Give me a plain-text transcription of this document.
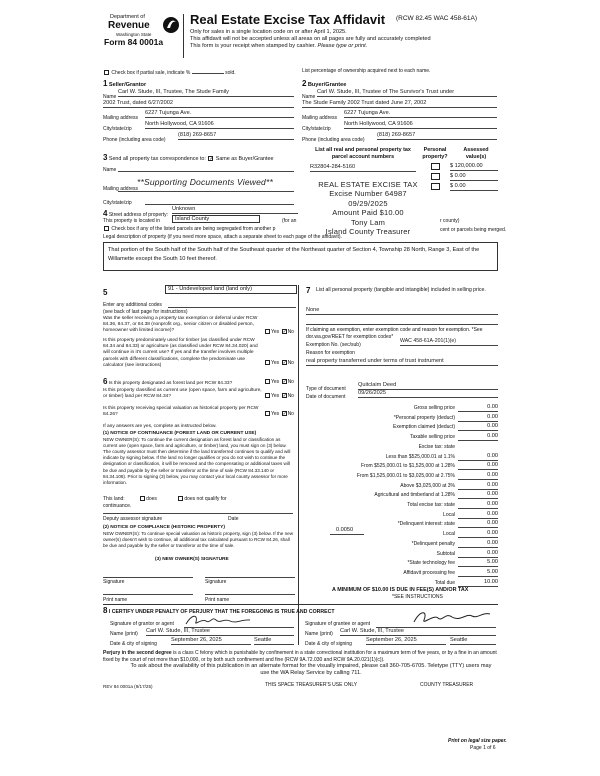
Department of
Revenue
Washington State
Form 84 0001a
Real Estate Excise Tax Affidavit (RCW 82.45 WAC 458-61A)
Only for sales in a single location code on or after April 1, 2025.
This affidavit will not be accepted unless all areas on all pages are fully and accurately completed
This form is your receipt when stamped by cashier. Please type or print.
Check box if partial sale, indicate %	sold.	List percentage of ownership acquired next to each name.
1 Seller/Grantor
Name
Carl W. Stude, III, Trustee, The Stude Family
2002 Trust, dated 6/27/2002
Mailing address
6227 Tujunga Ave.
City/state/zip
North Hollywood, CA 91606
Phone (including area code)
(818) 269-8657
2 Buyer/Grantee
Name
Carl W. Stude, III, Trustee of The Survivor's Trust under
The Stude Family 2002 Trust dated June 27, 2002
Mailing address
6227 Tujunga Ave.
City/state/zip
North Hollywood, CA 91606
Phone (including area code)
(818) 269-8657
3 Send all property tax correspondence to: ✓ Same as Buyer/Grantee
Name
**Supporting Documents Viewed**
Mailing address
City/state/zip
List all real and personal property tax parcel account numbers
Personal property?
Assessed value(s)
R32804-284-5160	$ 120,000.00
$ 0.00
$ 0.00
REAL ESTATE EXCISE TAX
Excise Number 64987
09/29/2025
Amount Paid $10.00
Tony Lam
Island County Treasurer
4 Street address of property:
Unknown
This property is located in	Island County	(for an	r county)
Check box if any of the listed parcels are being segregated from another p	cent or parcels being merged.
Legal description of property (if you need more space, attach a separate sheet to each page of the affidavit).
That portion of the South half of the South half of the Southeast quarter of the Northeast quarter of Section 4, Township 28 North, Range 3, East of the Willamette except the South 10 feet thereof.
5	91 - Undeveloped land (land only)
Enter any additional codes
(see back of last page for instructions)
Was the seller receiving a property tax exemption or deferral under RCW 84.36, 84.37, or 84.38 (nonprofit org., senior citizen or disabled person, homeowner with limited income)?	Yes ✓No
Is this property predominately used for timber (as classified under RCW 84.34 and 84.33) or agriculture (as classified under RCW 84.34.020) and will continue in it's current use? If yes and the transfer involves multiple parcels with different classifications, complete the predominate use calculator (see instructions)	Yes ✓No
6 Is this property designated as forest land per RCW 84.33?	Yes ✓No
Is this property classified as current use (open space, farm and agriculture, or timber) land per RCW 84.34?	Yes ✓No
Is this property receiving special valuation as historical property per RCW 84.26?	Yes ✓No
If any answers are yes, complete as instructed below.
(1) NOTICE OF CONTINUANCE (FOREST LAND OR CURRENT USE)
NEW OWNER(S): To continue the current designation as forest land or classification as current use (open space, farm and agriculture, or timber) land, you must sign on (3) below. The county assessor must then determine if the land transferred continues to qualify and will indicate by signing below. If the land no longer qualifies or you do not wish to continue the designation or classification, it will be removed and the compensating or additional taxes will be due and payable by the seller or transferor at the time of sale (RCW 84.33.140 or 84.34.108). Prior to signing (3) below, you may contact your local county assessor for more information.
This land:	does	does not qualify for
continuance.
Deputy assessor signature	Date
(2) NOTICE OF COMPLIANCE (HISTORIC PROPERTY)
NEW OWNER(S): To continue special valuation as historic property, sign (3) below. If the new owner(s) doesn't wish to continue, all additional tax calculated pursuant to RCW 84.26, shall be due and payable by the seller or transferor at the time of sale.
(3) NEW OWNER(S) SIGNATURE
Signature	Signature
Print name	Print name
7 List all personal property (tangible and intangible) included in selling price.
None
If claiming an exemption, enter exemption code and reason for exemption. *See dor.wa.gov/REET for exemption codes*
Exemption No. (sec/sub)
WAC 458-61A-201(1)(e)
Reason for exemption
real property transferred under terms of trust instrument
Type of document
Quitclaim Deed
Date of document
09/26/2025
Gross selling price	0.00
*Personal property (deduct)	0.00
Exemption claimed (deduct)	0.00
Taxable selling price	0.00
Excise tax: state
Less than $525,000.01 at 1.1%	0.00
From $525,000.01 to $1,525,000 at 1.28%	0.00
From $1,525,000.01 to $3,025,000 at 2.75%	0.00
Above $3,025,000 at 3%	0.00
Agricultural and timberland at 1.28%	0.00
Total excise tax: state	0.00
Local	0.00
*Delinquent interest: state	0.00
Local	0.00
*Delinquent penalty	0.00
Subtotal	0.00
*State technology fee	5.00
Affidavit processing fee	5.00
Total due	10.00
0.0050
A MINIMUM OF $10.00 IS DUE IN FEE(S) AND/OR TAX
*SEE INSTRUCTIONS
8 I CERTIFY UNDER PENALTY OF PERJURY THAT THE FOREGOING IS TRUE AND CORRECT
Signature of grantor or agent
Name (print) Carl W. Stude, III, Trustee
Date & city of signing
September 26, 2025	Seattle
Signature of grantee or agent
Name (print) Carl W. Stude, III, Trustee
Date & city of signing
September 26, 2025	Seattle
Perjury in the second degree is a class C felony which is punishable by confinement in a state correctional institution for a maximum term of five years, or by a fine in an amount fixed by the court of not more than $10,000, or by both such confinement and fine (RCW 9A.72.030 and RCW 9A.20.021(1)(c)).
To ask about the availability of this publication in an alternate format for the visually impaired, please call 360-705-6705. Teletype (TTY) users may use the WA Relay Service by calling 711.
REV 84 0001a (9/17/25)	THIS SPACE TREASURER'S USE ONLY	COUNTY TREASURER
Print on legal size paper.
Page 1 of 6
